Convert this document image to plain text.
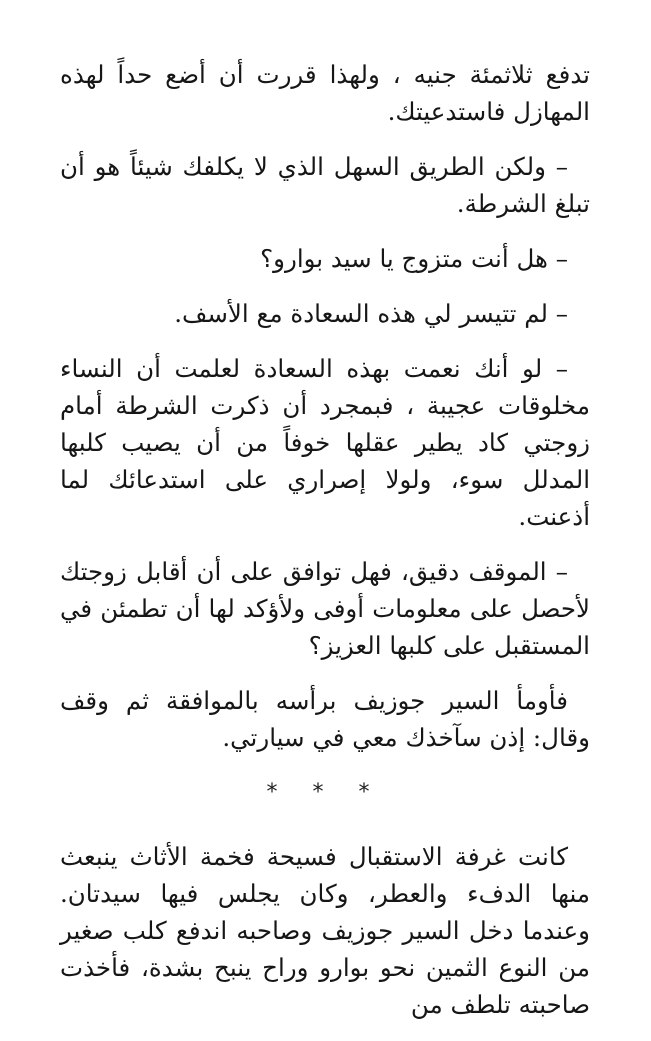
تدفع ثلاثمئة جنيه ، ولهذا قررت أن أضع حداً لهذه المهازل فاستدعيتك.

– ولكن الطريق السهل الذي لا يكلفك شيئاً هو أن تبلغ الشرطة.

– هل أنت متزوج يا سيد بوارو؟

– لم تتيسر لي هذه السعادة مع الأسف.

– لو أنك نعمت بهذه السعادة لعلمت أن النساء مخلوقات عجيبة ، فبمجرد أن ذكرت الشرطة أمام زوجتي كاد يطير عقلها خوفاً من أن يصيب كلبها المدلل سوء، ولولا إصراري على استدعائك لما أذعنت.

– الموقف دقيق، فهل توافق على أن أقابل زوجتك لأحصل على معلومات أوفى ولأؤكد لها أن تطمئن في المستقبل على كلبها العزيز؟

فأومأ السير جوزيف برأسه بالموافقة ثم وقف وقال: إذن سآخذك معي في سيارتي.

* * *

كانت غرفة الاستقبال فسيحة فخمة الأثاث ينبعث منها الدفء والعطر، وكان يجلس فيها سيدتان. وعندما دخل السير جوزيف وصاحبه اندفع كلب صغير من النوع الثمين نحو بوارو وراح ينبح بشدة، فأخذت صاحبته تلطف من
